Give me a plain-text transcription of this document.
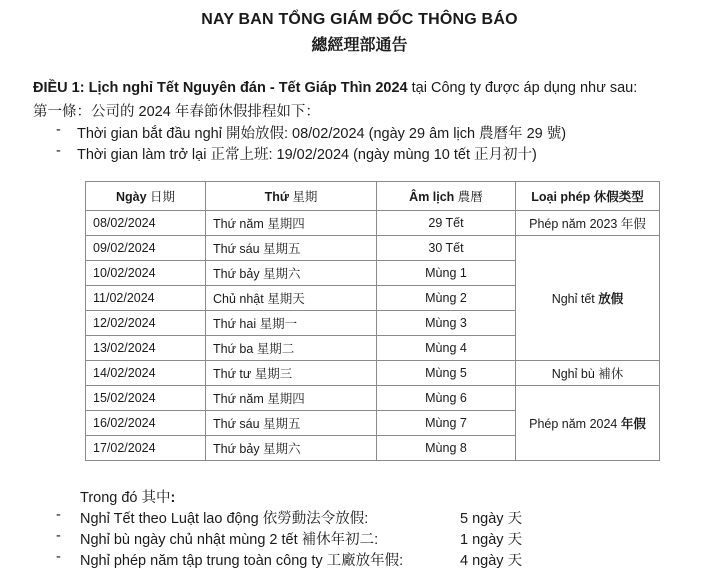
NAY BAN TỔNG GIÁM ĐỐC THÔNG BÁO
總經理部通告
ĐIỀU 1: Lịch nghỉ Tết Nguyên đán - Tết Giáp Thìn 2024 tại Công ty được áp dụng như sau:
第一條：公司的 2024 年春節休假排程如下：
- Thời gian bắt đầu nghỉ 開始放假: 08/02/2024 (ngày 29 âm lịch 農曆年 29 號)
- Thời gian làm trở lại 正常上班: 19/02/2024 (ngày mùng 10 tết 正月初十)
Ngày 日期	Thứ 星期	Âm lịch 農曆	Loại phép 休假类型
08/02/2024	Thứ năm 星期四	29 Tết	Phép năm 2023 年假
09/02/2024	Thứ sáu 星期五	30 Tết	Nghỉ tết 放假
10/02/2024	Thứ bảy 星期六	Mùng 1	
11/02/2024	Chủ nhật 星期天	Mùng 2	
12/02/2024	Thứ hai 星期一	Mùng 3	
13/02/2024	Thứ ba 星期二	Mùng 4	
14/02/2024	Thứ tư 星期三	Mùng 5	Nghỉ bù 補休
15/02/2024	Thứ năm 星期四	Mùng 6	Phép năm 2024 年假
16/02/2024	Thứ sáu 星期五	Mùng 7	
17/02/2024	Thứ bảy 星期六	Mùng 8	
Trong đó 其中:
- Nghỉ Tết theo Luật lao động 依勞動法令放假:	5 ngày 天
- Nghỉ bù ngày chủ nhật mùng 2 tết 補休年初二:	1 ngày 天
- Nghỉ phép năm tập trung toàn công ty 工廠放年假:	4 ngày 天
